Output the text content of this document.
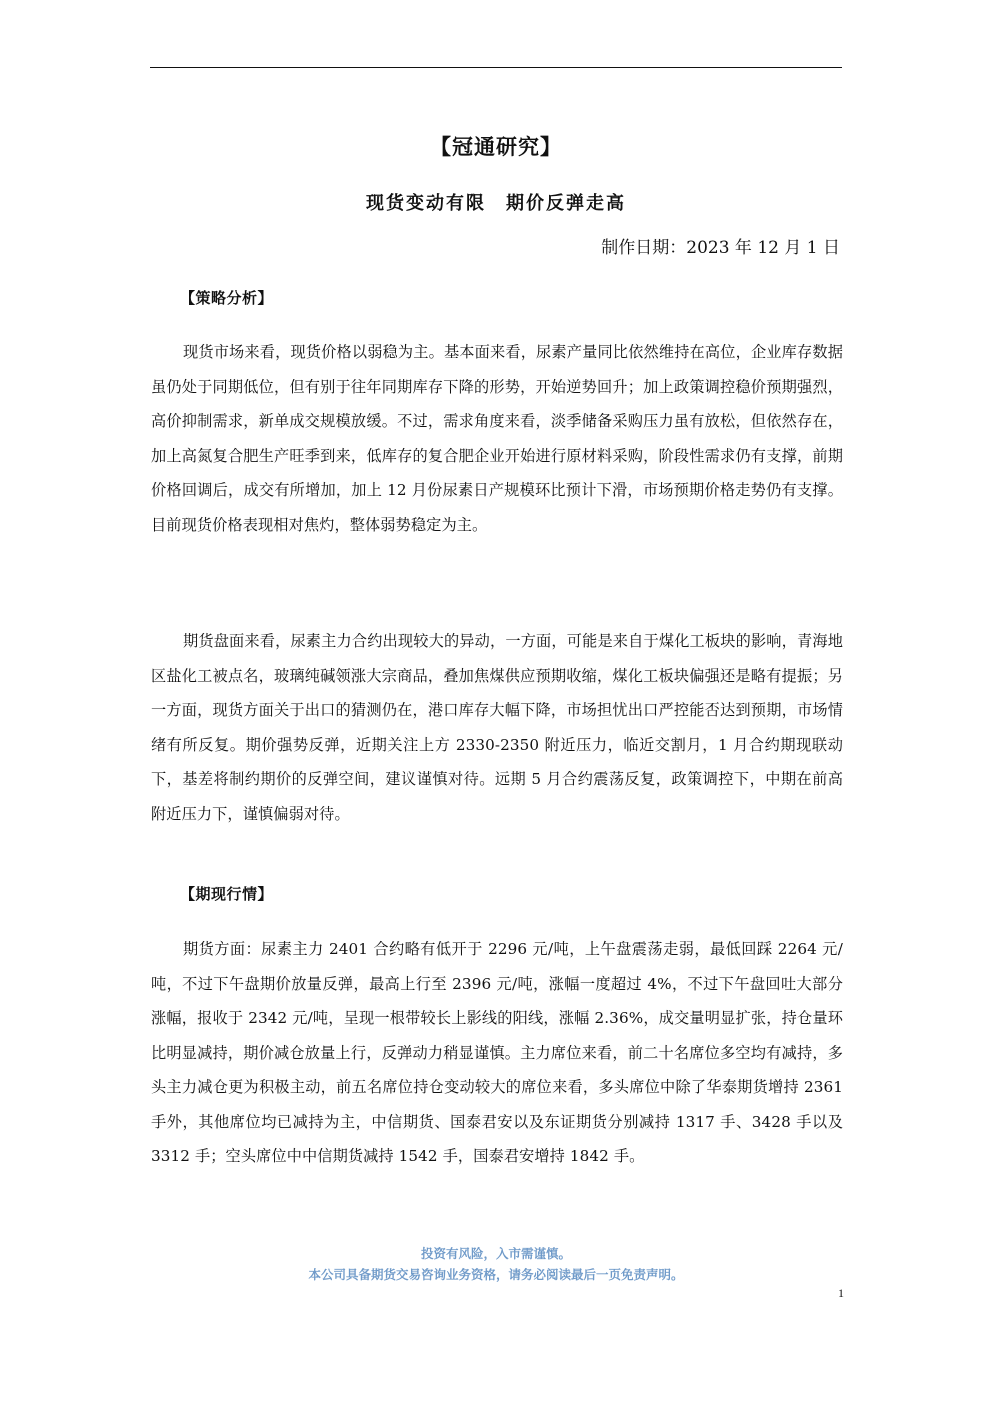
【冠通研究】
现货变动有限　期价反弹走高
制作日期：2023 年 12 月 1 日
【策略分析】

现货市场来看，现货价格以弱稳为主。基本面来看，尿素产量同比依然维持在高位，企业库存数据虽仍处于同期低位，但有别于往年同期库存下降的形势，开始逆势回升；加上政策调控稳价预期强烈，高价抑制需求，新单成交规模放缓。不过，需求角度来看，淡季储备采购压力虽有放松，但依然存在，加上高氮复合肥生产旺季到来，低库存的复合肥企业开始进行原材料采购，阶段性需求仍有支撑，前期价格回调后，成交有所增加，加上 12 月份尿素日产规模环比预计下滑，市场预期价格走势仍有支撑。目前现货价格表现相对焦灼，整体弱势稳定为主。

期货盘面来看，尿素主力合约出现较大的异动，一方面，可能是来自于煤化工板块的影响，青海地区盐化工被点名，玻璃纯碱领涨大宗商品，叠加焦煤供应预期收缩，煤化工板块偏强还是略有提振；另一方面，现货方面关于出口的猜测仍在，港口库存大幅下降，市场担忧出口严控能否达到预期，市场情绪有所反复。期价强势反弹，近期关注上方 2330-2350 附近压力，临近交割月，1 月合约期现联动下，基差将制约期价的反弹空间，建议谨慎对待。远期 5 月合约震荡反复，政策调控下，中期在前高附近压力下，谨慎偏弱对待。

【期现行情】

期货方面：尿素主力 2401 合约略有低开于 2296 元/吨，上午盘震荡走弱，最低回踩 2264 元/吨，不过下午盘期价放量反弹，最高上行至 2396 元/吨，涨幅一度超过 4%，不过下午盘回吐大部分涨幅，报收于 2342 元/吨，呈现一根带较长上影线的阳线，涨幅 2.36%，成交量明显扩张，持仓量环比明显减持，期价减仓放量上行，反弹动力稍显谨慎。主力席位来看，前二十名席位多空均有减持，多头主力减仓更为积极主动，前五名席位持仓变动较大的席位来看，多头席位中除了华泰期货增持 2361 手外，其他席位均已减持为主，中信期货、国泰君安以及东证期货分别减持 1317 手、3428 手以及 3312 手；空头席位中中信期货减持 1542 手，国泰君安增持 1842 手。

投资有风险，入市需谨慎。
本公司具备期货交易咨询业务资格，请务必阅读最后一页免责声明。
1
